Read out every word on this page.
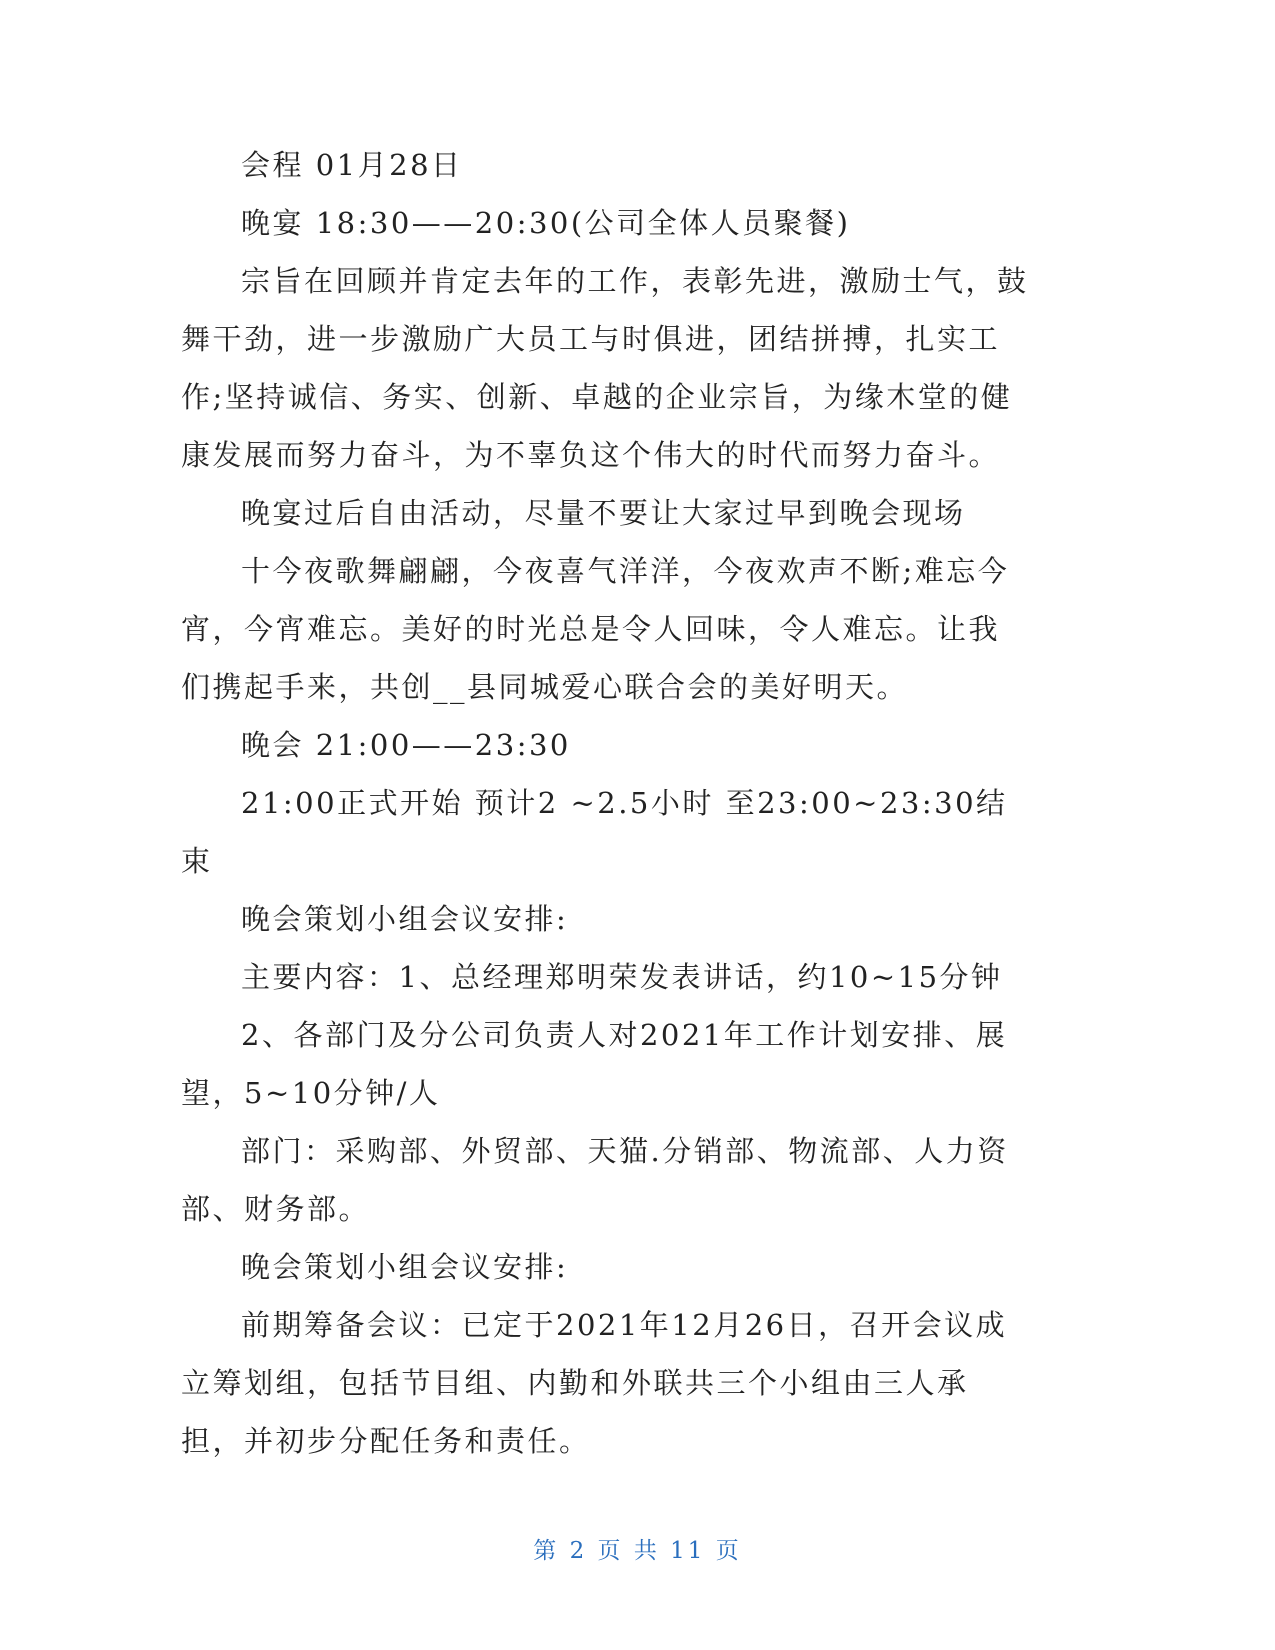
会程 01月28日

晚宴 18:30——20:30(公司全体人员聚餐)

宗旨在回顾并肯定去年的工作，表彰先进，激励士气，鼓舞干劲，进一步激励广大员工与时俱进，团结拼搏，扎实工作;坚持诚信、务实、创新、卓越的企业宗旨，为缘木堂的健康发展而努力奋斗，为不辜负这个伟大的时代而努力奋斗。

晚宴过后自由活动，尽量不要让大家过早到晚会现场

十今夜歌舞翩翩，今夜喜气洋洋，今夜欢声不断;难忘今宵，今宵难忘。美好的时光总是令人回味，令人难忘。让我们携起手来，共创__县同城爱心联合会的美好明天。

晚会 21:00——23:30

21:00正式开始 预计2 ~2.5小时 至23:00~23:30结束

晚会策划小组会议安排:

主要内容：1、总经理郑明荣发表讲话，约10~15分钟

2、各部门及分公司负责人对2021年工作计划安排、展望，5~10分钟/人

部门：采购部、外贸部、天猫.分销部、物流部、人力资部、财务部。

晚会策划小组会议安排:

前期筹备会议：已定于2021年12月26日，召开会议成立筹划组，包括节目组、内勤和外联共三个小组由三人承担，并初步分配任务和责任。

第 2 页 共 11 页
